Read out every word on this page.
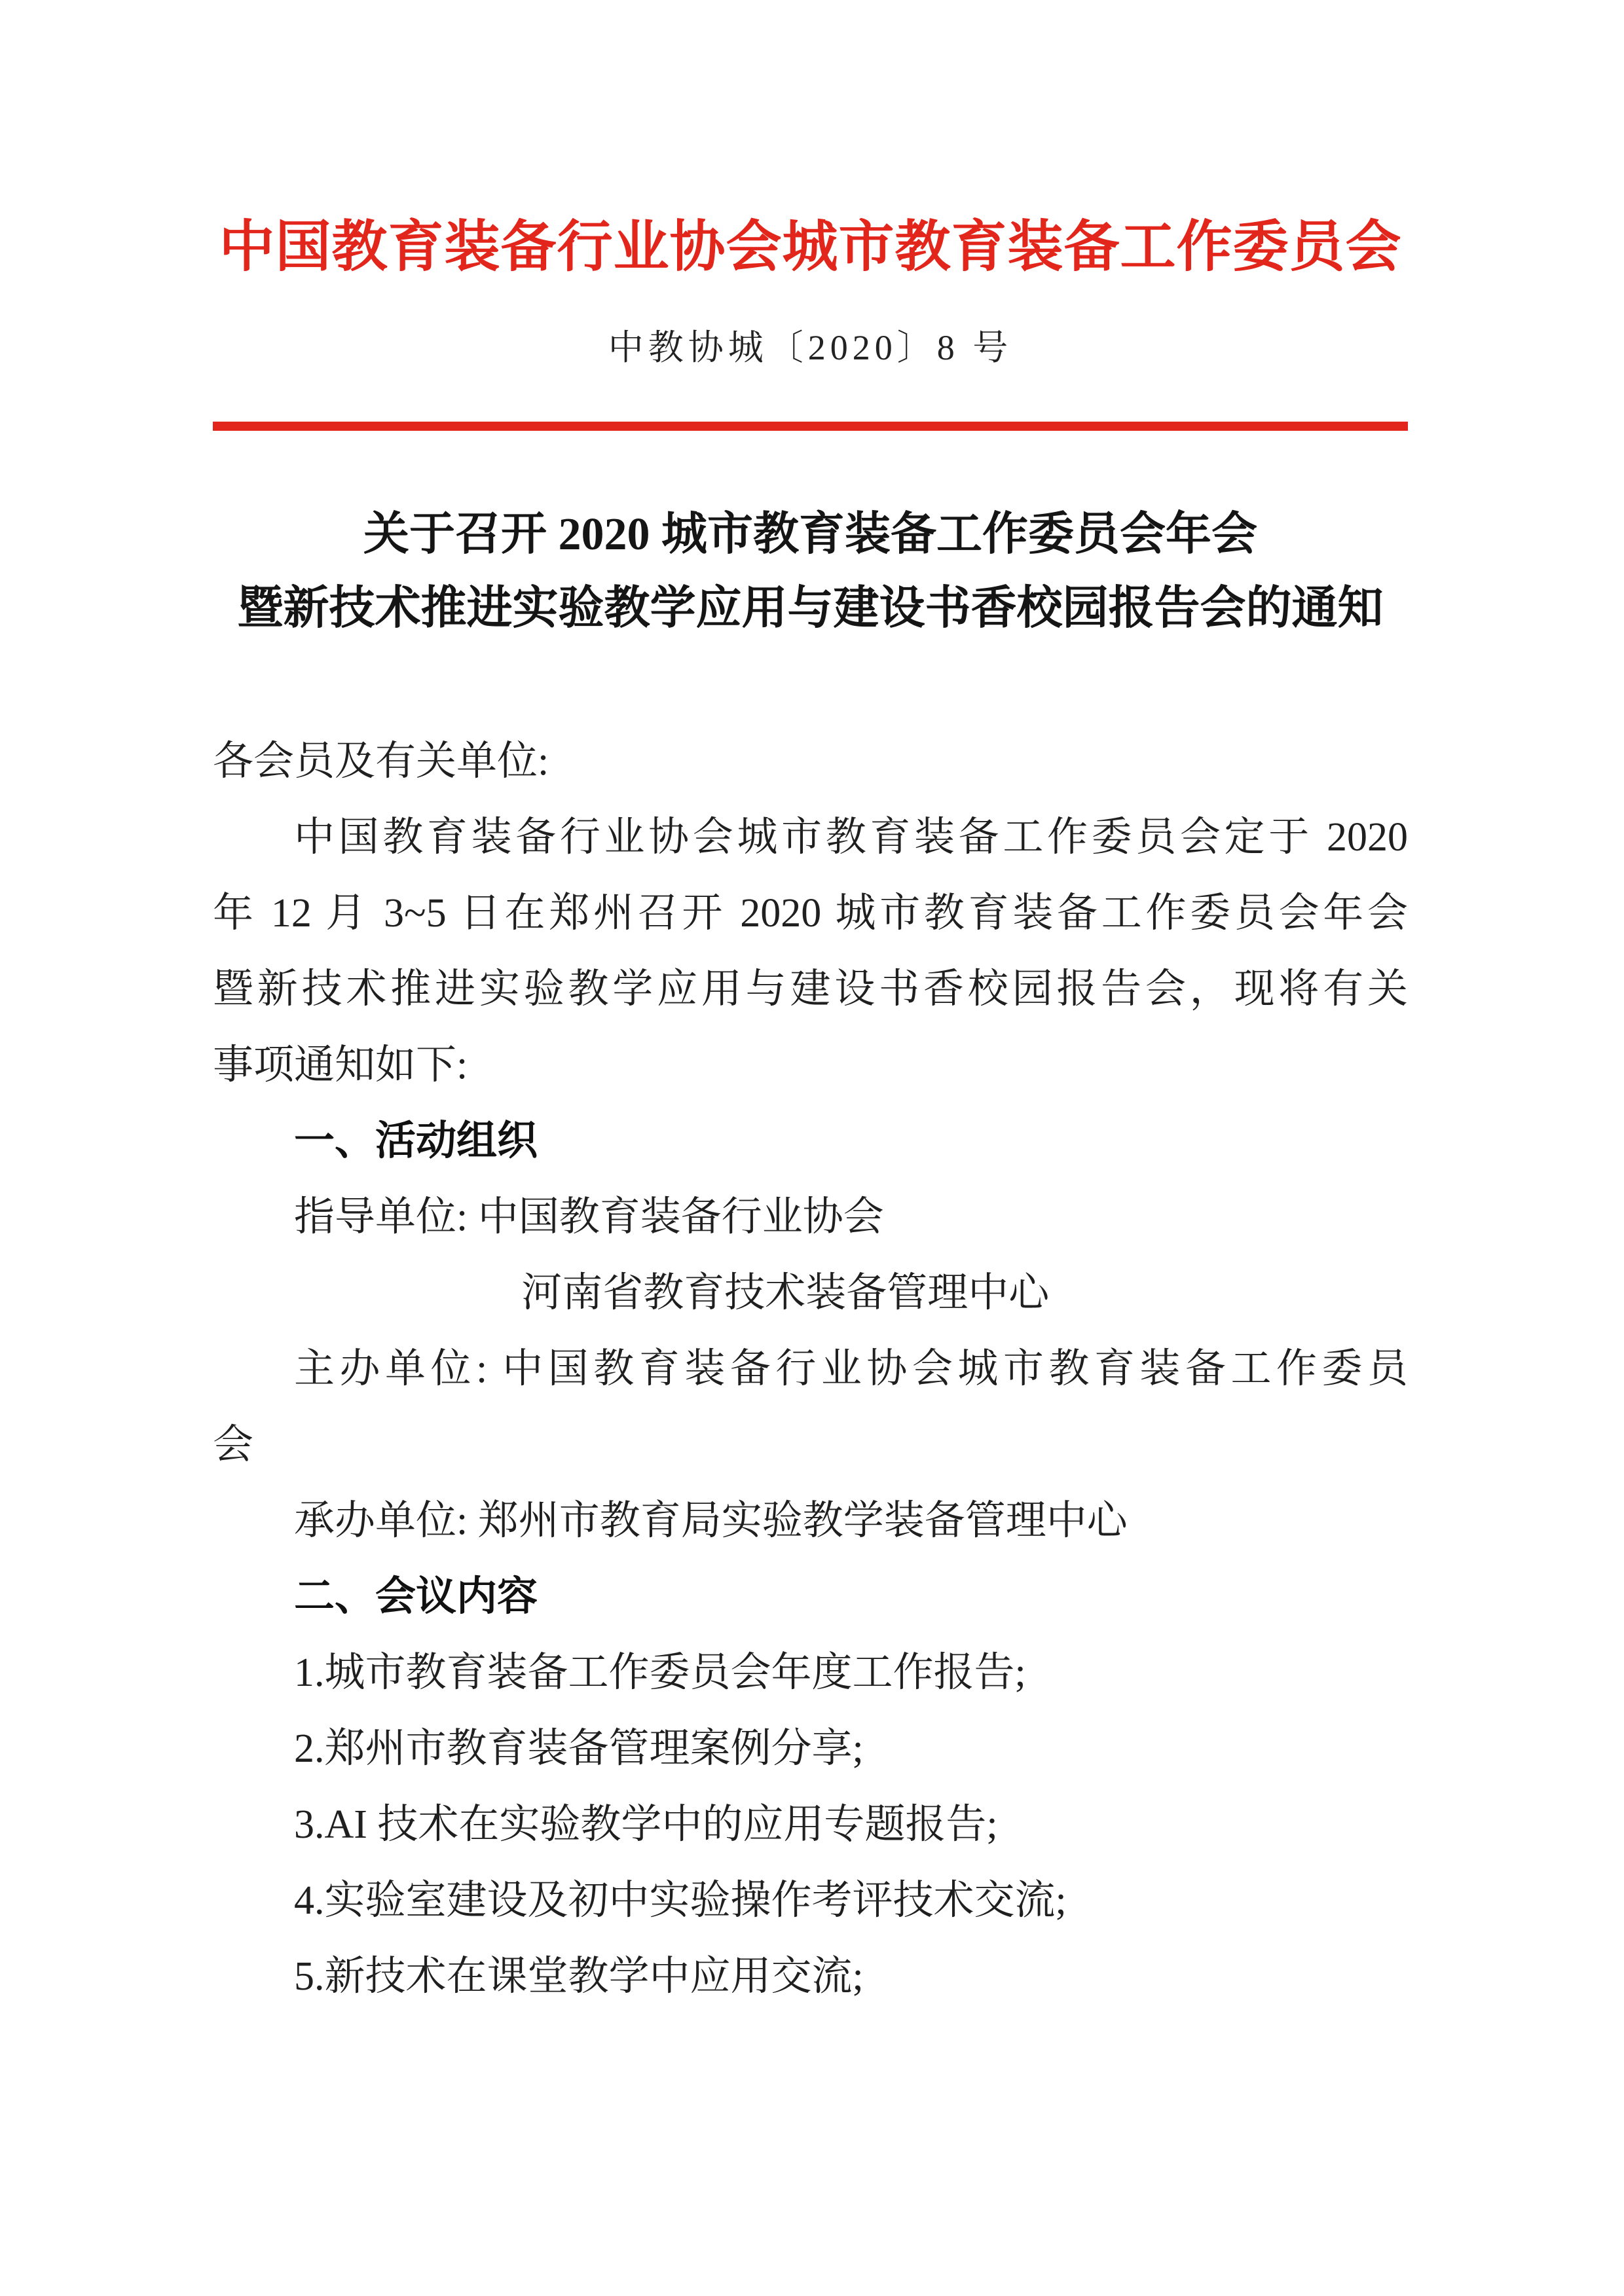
中国教育装备行业协会城市教育装备工作委员会
中教协城〔2020〕8 号
关于召开 2020 城市教育装备工作委员会年会
暨新技术推进实验教学应用与建设书香校园报告会的通知
各会员及有关单位:
中国教育装备行业协会城市教育装备工作委员会定于 2020
年 12 月 3~5 日在郑州召开 2020 城市教育装备工作委员会年会
暨新技术推进实验教学应用与建设书香校园报告会，现将有关
事项通知如下:
一、活动组织
指导单位: 中国教育装备行业协会
河南省教育技术装备管理中心
主办单位: 中国教育装备行业协会城市教育装备工作委员
会
承办单位: 郑州市教育局实验教学装备管理中心
二、会议内容
1.城市教育装备工作委员会年度工作报告;
2.郑州市教育装备管理案例分享;
3.AI 技术在实验教学中的应用专题报告;
4.实验室建设及初中实验操作考评技术交流;
5.新技术在课堂教学中应用交流;
